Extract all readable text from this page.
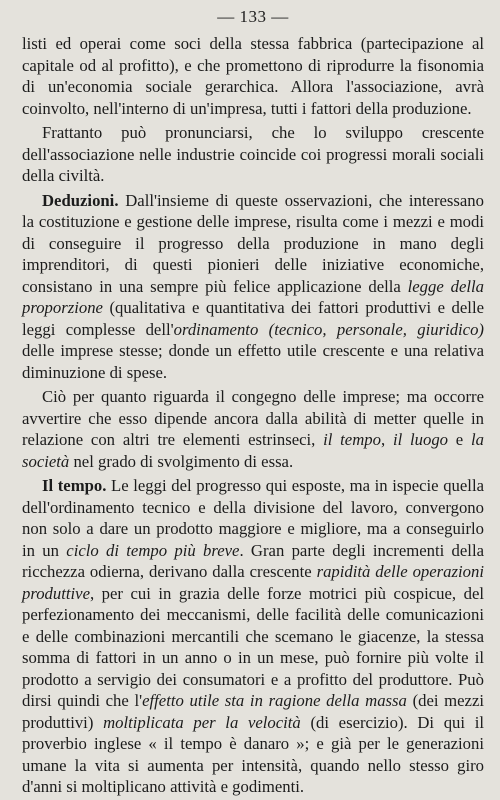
— 133 —

listi ed operai come soci della stessa fabbrica (partecipazione al capitale od al profitto), e che promettono di riprodurre la fisonomia di un'economia sociale gerarchica. Allora l'associazione, avrà coinvolto, nell'interno di un'impresa, tutti i fattori della produzione.

Frattanto può pronunciarsi, che lo sviluppo crescente dell'associazione nelle industrie coincide coi progressi morali sociali della civiltà.

Deduzioni. Dall'insieme di queste osservazioni, che interessano la costituzione e gestione delle imprese, risulta come i mezzi e modi di conseguire il progresso della produzione in mano degli imprenditori, di questi pionieri delle iniziative economiche, consistano in una sempre più felice applicazione della legge della proporzione (qualitativa e quantitativa dei fattori produttivi e delle leggi complesse dell'ordinamento (tecnico, personale, giuridico) delle imprese stesse; donde un effetto utile crescente e una relativa diminuzione di spese.

Ciò per quanto riguarda il congegno delle imprese; ma occorre avvertire che esso dipende ancora dalla abilità di metter quelle in relazione con altri tre elementi estrinseci, il tempo, il luogo e la società nel grado di svolgimento di essa.

Il tempo. Le leggi del progresso qui esposte, ma in ispecie quella dell'ordinamento tecnico e della divisione del lavoro, convergono non solo a dare un prodotto maggiore e migliore, ma a conseguirlo in un ciclo di tempo più breve. Gran parte degli incrementi della ricchezza odierna, derivano dalla crescente rapidità delle operazioni produttive, per cui in grazia delle forze motrici più cospicue, del perfezionamento dei meccanismi, delle facilità delle comunicazioni e delle combinazioni mercantili che scemano le giacenze, la stessa somma di fattori in un anno o in un mese, può fornire più volte il prodotto a servigio dei consumatori e a profitto del produttore. Può dirsi quindi che l'effetto utile sta in ragione della massa (dei mezzi produttivi) moltiplicata per la velocità (di esercizio). Di qui il proverbio inglese « il tempo è danaro »; e già per le generazioni umane la vita si aumenta per intensità, quando nello stesso giro d'anni si moltiplicano attività e godimenti.
